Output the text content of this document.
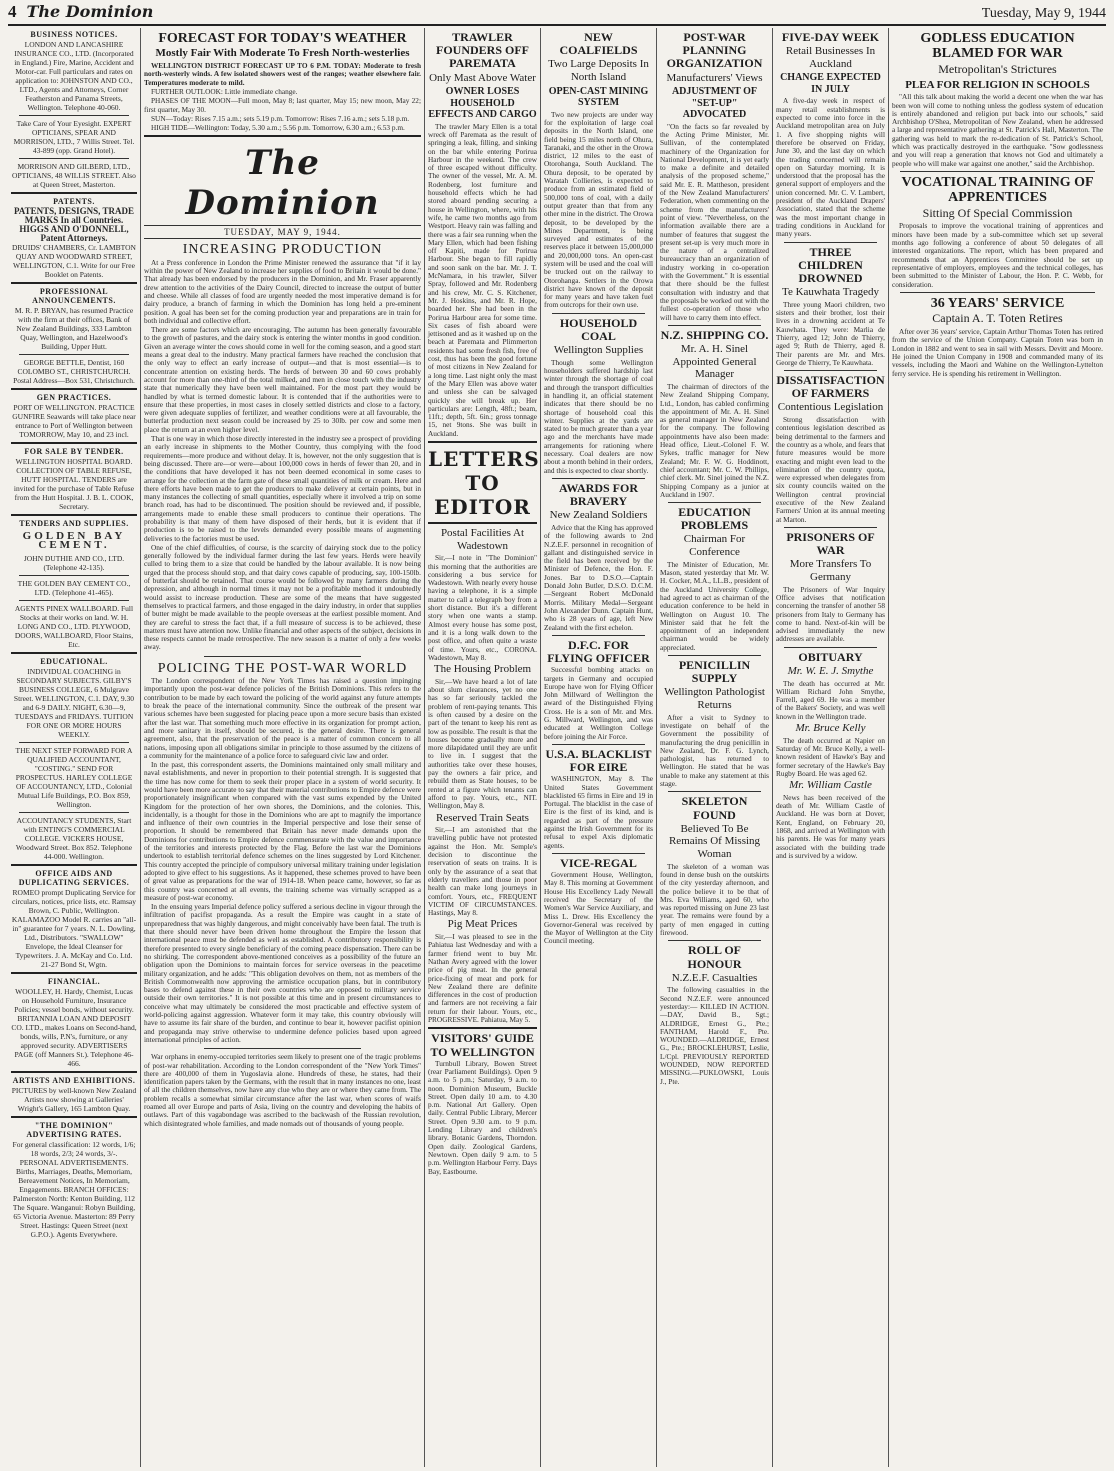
4 The Dominion	Tuesday, May 9, 1944
BUSINESS NOTICES.
LONDON AND LANCASHIRE INSURANCE CO., LTD. (Incorporated in England.) Fire, Marine, Accident and Motor-car. Full particulars and rates on application to: JOHNSTON AND CO., LTD., Agents and Attorneys, Corner Featherston and Panama Streets, Wellington. Telephone 40-060.
Take Care of Your Eyesight. EXPERT OPTICIANS, SPEAR AND MORRISON, LTD., 7 Willis Street. Tel. 43-899 (opp. Grand Hotel).
MORRISON AND GILBERD, LTD., OPTICIANS, 48 WILLIS STREET. Also at Queen Street, Masterton.
PATENTS.
PATENTS, DESIGNS, TRADE MARKS In all Countries. HIGGS AND O'DONNELL, Patent Attorneys.
DRUIDS' CHAMBERS, Cr. LAMBTON QUAY AND WOODWARD STREET, WELLINGTON, C.1. Write for our Free Booklet on Patents.
PROFESSIONAL ANNOUNCEMENTS.
M. R. P. BRYAN, has resumed Practice with the firm at their offices, Bank of New Zealand Buildings, 333 Lambton Quay, Wellington, and Hazelwood's Building, Upper Hutt.
GEORGE BETTLE, Dentist, 160 COLOMBO ST., CHRISTCHURCH. Postal Address—Box 531, Christchurch.
GEN PRACTICES.
PORT OF WELLINGTON. PRACTICE GUNFIRE Seawards will take place near entrance to Port of Wellington between TOMORROW, May 10, and 23 incl.
FOR SALE BY TENDER.
WELLINGTON HOSPITAL BOARD. COLLECTION OF TABLE REFUSE, HUTT HOSPITAL. TENDERS are invited for the purchase of Table Refuse from the Hutt Hospital. J. B. L. COOK, Secretary.
TENDERS AND SUPPLIES.
GOLDEN BAY CEMENT.
JOHN DUTHIE AND CO., LTD. (Telephone 42-135).
THE GOLDEN BAY CEMENT CO., LTD. (Telephone 41-465).
AGENTS PINEX WALLBOARD. Full Stocks at their works on land. W. H. LONG AND CO., LTD. PLYWOOD, DOORS, WALLBOARD, Floor Stains, Etc.
EDUCATIONAL.
INDIVIDUAL COACHING in SECONDARY SUBJECTS. GILBY'S BUSINESS COLLEGE, 6 Mulgrave Street. WELLINGTON, C.1. DAY, 9.30 and 6-9 DAILY. NIGHT, 6.30—9, TUESDAYS and FRIDAYS. TUITION FOR ONE OR MORE HOURS WEEKLY.
THE NEXT STEP FORWARD FOR A QUALIFIED ACCOUNTANT, "COSTING." SEND FOR PROSPECTUS. HARLEY COLLEGE OF ACCOUNTANCY, LTD., Colonial Mutual Life Buildings, P.O. Box 859, Wellington.
ACCOUNTANCY STUDENTS, Start with ENTING'S COMMERCIAL COLLEGE. VICKERS HOUSE, Woodward Street. Box 852. Telephone 44-000. Wellington.
OFFICE AIDS AND DUPLICATING SERVICES.
ROMEO prompt Duplicating Service for circulars, notices, price lists, etc. Ramsay Brown, C. Public, Wellington. KALAMAZOO Model R. carries an "all-in" guarantee for 7 years. N. L. Dowling, Ltd., Distributors. "SWALLOW" Envelope, the Ideal Cleanser for Typewriters. J. A. McKay and Co. Ltd. 21-27 Bond St, Wgtn.
FINANCIAL.
WOOLLEY, H. Hardy, Chemist, Lucas on Household Furniture, Insurance Policies; vessel bonds, without security.
BRITANNIA LOAN AND DEPOSIT CO. LTD., makes Loans on Second-hand, bonds, wills, P.N's, furniture, or any approved security. ADVERTISERS PAGE (off Manners St.). Telephone 46-466.
ARTISTS AND EXHIBITIONS.
PICTURES by well-known New Zealand Artists now showing at Galleries' Wright's Gallery, 165 Lambton Quay.
"THE DOMINION" ADVERTISING RATES.
For general classification: 12 words, 1/6; 18 words, 2/3; 24 words, 3/-. PERSONAL ADVERTISEMENTS. Births, Marriages, Deaths, Memoriam, Bereavement Notices, In Memoriam, Engagements. BRANCH OFFICES: Palmerston North: Kenton Building, 112 The Square. Wanganui: Robyn Building, 65 Victoria Avenue. Masterton: 89 Perry Street. Hastings: Queen Street (next G.P.O.). Agents Everywhere.
FORECAST FOR TODAY'S WEATHER
Mostly Fair With Moderate To Fresh North-westerlies
WELLINGTON DISTRICT FORECAST UP TO 6 P.M. TODAY: Moderate to fresh north-westerly winds. A few isolated showers west of the ranges; weather elsewhere fair. Temperatures moderate to mild.
FURTHER OUTLOOK: Little immediate change.
PHASES OF THE MOON—Full moon, May 8; last quarter, May 15; new moon, May 22; first quarter, May 30.
SUN—Today: Rises 7.15 a.m.; sets 5.19 p.m. Tomorrow: Rises 7.16 a.m.; sets 5.18 p.m.
HIGH TIDE—Wellington: Today, 5.30 a.m.; 5.56 p.m. Tomorrow, 6.30 a.m.; 6.53 p.m.
The Dominion
TUESDAY, MAY 9, 1944.
INCREASING PRODUCTION
At a Press conference in London the Prime Minister renewed the assurance that "if it lay within the power of New Zealand to increase her supplies of food to Britain it would be done." That already has been endorsed by the producers in the Dominion, and Mr. Fraser apparently drew attention to the activities of the Dairy Council, directed to increase the output of butter and cheese. While all classes of food are urgently needed the most imperative demand is for dairy produce, a branch of farming in which the Dominion has long held a pre-eminent position. A goal has been set for the coming production year and preparations are in train for both individual and collective effort.
There are some factors which are encouraging. The autumn has been generally favourable to the growth of pastures, and the dairy stock is entering the winter months in good condition. Given an average winter the cows should come in well for the coming season, and a good start means a great deal to the industry. Many practical farmers have reached the conclusion that the only way to effect an early increase of output—and that is most essential—is to concentrate attention on existing herds. The herds of between 30 and 60 cows probably account for more than one-third of the total milked, and men in close touch with the industry state that numerically they have been well maintained. For the most part they would be handled by what is termed domestic labour. It is contended that if the authorities were to ensure that these properties, in most cases in closely settled districts and close to a factory, were given adequate supplies of fertilizer, and weather conditions were at all favourable, the butterfat production next season could be increased by 25 to 30lb. per cow and some men place the return at an even higher level.
That is one way in which those directly interested in the industry see a prospect of providing an early increase in shipments to the Mother Country, thus complying with the food requirements—more produce and without delay. It is, however, not the only suggestion that is being discussed. There are—or were—about 100,000 cows in herds of fewer than 20, and in the conditions that have developed it has not been deemed economical in some cases to arrange for the collection at the farm gate of these small quantities of milk or cream. Here and there efforts have been made to get the producers to make delivery at certain points, but in many instances the collecting of small quantities, especially where it involved a trip on some branch road, has had to be discontinued. The position should be reviewed and, if possible, arrangements made to enable these small producers to continue their operations. The probability is that many of them have disposed of their herds, but it is evident that if production is to be raised to the levels demanded every possible means of augmenting deliveries to the factories must be used.
One of the chief difficulties, of course, is the scarcity of dairying stock due to the policy generally followed by the individual farmer during the last few years. Herds were heavily culled to bring them to a size that could be handled by the labour available. It is now being urged that the process should stop, and that dairy cows capable of producing, say, 100-150lb. of butterfat should be retained. That course would be followed by many farmers during the depression, and although in normal times it may not be a profitable method it undoubtedly would assist to increase production. These are some of the means that have suggested themselves to practical farmers, and those engaged in the dairy industry, in order that supplies of butter might be made available to the people overseas at the earliest possible moment. And they are careful to stress the fact that, if a full measure of success is to be achieved, these matters must have attention now. Unlike financial and other aspects of the subject, decisions in these respects cannot be made retrospective. The new season is a matter of only a few weeks away.
POLICING THE POST-WAR WORLD
The London correspondent of the New York Times has raised a question impinging importantly upon the post-war defence policies of the British Dominions. This refers to the contribution to be made by each toward the policing of the world against any future attempts to break the peace of the international community. Since the outbreak of the present war various schemes have been suggested for placing peace upon a more secure basis than existed after the last war. That something much more effective in its organization for prompt action, and more sanitary in itself, should be secured, is the general desire. There is general agreement, also, that the preservation of the peace is a matter of common concern to all nations, imposing upon all obligations similar in principle to those assumed by the citizens of a community for the maintenance of a police force to safeguard civic law and order.
In the past, this correspondent asserts, the Dominions maintained only small military and naval establishments, and never in proportion to their potential strength. It is suggested that the time has now come for them to seek their proper place in a system of world security. It would have been more accurate to say that their material contributions to Empire defence were proportionately insignificant when compared with the vast sums expended by the United Kingdom for the protection of her own shores, the Dominions, and the colonies. This, incidentally, is a thought for those in the Dominions who are apt to magnify the importance and influence of their own countries in the Imperial perspective and lose their sense of proportion. It should be remembered that Britain has never made demands upon the Dominions for contributions to Empire defence commensurate with the value and importance of the territories and interests protected by the Flag. Before the last war the Dominions undertook to establish territorial defence schemes on the lines suggested by Lord Kitchener. This country accepted the principle of compulsory universal military training under legislation adopted to give effect to his suggestions. As it happened, these schemes proved to have been of great value as preparations for the war of 1914-18. When peace came, however, so far as this country was concerned at all events, the training scheme was virtually scrapped as a measure of post-war economy.
In the ensuing years Imperial defence policy suffered a serious decline in vigour through the infiltration of pacifist propaganda. As a result the Empire was caught in a state of unpreparedness that was highly dangerous, and might conceivably have been fatal. The truth is that there should never have been driven home throughout the Empire the lesson that international peace must be defended as well as established. A contributory responsibility is therefore presented to every single beneficiary of the coming peace dispensation. There can be no shirking. The correspondent above-mentioned conceives as a possibility of the future an obligation upon the Dominions to maintain forces for service overseas in the peacetime military organization, and he adds: "This obligation devolves on them, not as members of the British Commonwealth now approving the armistice occupation plans, but in contributory bases to defend against these in their own countries who are opposed to military service outside their own territories." It is not possible at this time and in present circumstances to conceive what may ultimately be considered the most practicable and effective system of world-policing against aggression. Whatever form it may take, this country obviously will have to assume its fair share of the burden, and continue to bear it, however pacifist opinion and propaganda may strive otherwise to undermine defence policies based upon agreed international principles of action.
War orphans in enemy-occupied territories seem likely to present one of the tragic problems of post-war rehabilitation. According to the London correspondent of the "New York Times" there are 400,000 of them in Yugoslavia alone. Hundreds of these, he states, had their identification papers taken by the Germans, with the result that in many instances no one, least of all the children themselves, now have any clue who they are or where they came from. The problem recalls a somewhat similar circumstance after the last war, when scores of waifs roamed all over Europe and parts of Asia, living on the country and developing the habits of outlaws. Part of this vagabondage was ascribed to the backwash of the Russian revolution, which disintegrated whole families, and made nomads out of thousands of young people.
TRAWLER FOUNDERS OFF PAREMATA
Only Mast Above Water
OWNER LOSES HOUSEHOLD EFFECTS AND CARGO
The trawler Mary Ellen is a total wreck off Paremata as the result of springing a leak, filling, and sinking on the bar while entering Porirua Harbour in the weekend. The crew of three escaped without difficulty. The owner of the vessel, Mr. A. M. Rodenberg, lost furniture and household effects which he had stored aboard pending securing a house in Wellington, where, with his wife, he came two months ago from Westport. Heavy rain was falling and there was a fair sea running when the Mary Ellen, which had been fishing off Kapiti, made for Porirua Harbour. She began to fill rapidly and soon sank on the bar. Mr. J. T. McNamara, in his trawler, Silver Spray, followed and Mr. Rodenberg and his crew, Mr. C. S. Kitchener, Mr. J. Hoskins, and Mr. R. Hope, boarded her. She had been in the Porirua Harbour area for some time. Six cases of fish aboard were jettisoned and as it washed up on the beach at Paremata and Plimmerton residents had some fresh fish, free of cost, thus has been the good fortune of most citizens in New Zealand for a long time. Last night only the mast of the Mary Ellen was above water and unless she can be salvaged quickly she will break up. Her particulars are: Length, 48ft.; beam, 11ft.; depth, 5ft. 6in.; gross tonnage 15, net 9tons. She was built in Auckland.
LETTERS TO EDITOR
Postal Facilities At Wadestown
Sir,—I note in "The Dominion" this morning that the authorities are considering a bus service for Wadestown. With nearly every house having a telephone, it is a simple matter to call a telegraph boy from a short distance. But it's a different story when one wants a stamp. Almost every house has some post, and it is a long walk down to the post office, and often quite a waste of time. Yours, etc., CORONA. Wadestown, May 8.
The Housing Problem
Sir,—We have heard a lot of late about slum clearances, yet no one has so far seriously tackled the problem of rent-paying tenants. This is often caused by a desire on the part of the tenant to keep his rent as low as possible. The result is that the houses become gradually more and more dilapidated until they are unfit to live in. I suggest that the authorities take over these houses, pay the owners a fair price, and rebuild them as State houses, to be rented at a figure which tenants can afford to pay. Yours, etc., NIT. Wellington, May 8.
Reserved Train Seats
Sir,—I am astonished that the travelling public have not protested against the Hon. Mr. Semple's decision to discontinue the reservation of seats on trains. It is only by the assurance of a seat that elderly travellers and those in poor health can make long journeys in comfort. Yours, etc., FREQUENT VICTIM OF CIRCUMSTANCES. Hastings, May 8.
Pig Meat Prices
Sir,—I was pleased to see in the Pahiatua last Wednesday and with a farmer friend went to buy Mr. Nathan Avery agreed with the lower price of pig meat. In the general price-fixing of meat and pork for New Zealand there are definite differences in the cost of production and farmers are not receiving a fair return for their labour. Yours, etc., PROGRESSIVE. Pahiatua, May 5.
VISITORS' GUIDE TO WELLINGTON
Turnbull Library, Bowen Street (rear Parliament Buildings). Open 9 a.m. to 5 p.m.; Saturday, 9 a.m. to noon. Dominion Museum, Buckle Street. Open daily 10 a.m. to 4.30 p.m. National Art Gallery. Open daily. Central Public Library, Mercer Street. Open 9.30 a.m. to 9 p.m. Lending Library and children's library. Botanic Gardens, Thorndon. Open daily. Zoological Gardens, Newtown. Open daily 9 a.m. to 5 p.m. Wellington Harbour Ferry. Days Bay, Eastbourne.
NEW COALFIELDS
Two Large Deposits In North Island
OPEN-CAST MINING SYSTEM
Two new projects are under way for the exploitation of large coal deposits in the North Island, one field being 15 miles north of Ohura, Taranaki, and the other in the Orowa district, 12 miles to the east of Otorohanga, South Auckland. The Ohura deposit, to be operated by Waratah Collieries, is expected to produce from an estimated field of 500,000 tons of coal, with a daily output greater than that from any other mine in the district. The Orowa deposit, to be developed by the Mines Department, is being surveyed and estimates of the reserves place it between 15,000,000 and 20,000,000 tons. An open-cast system will be used and the coal will be trucked out on the railway to Otorohanga. Settlers in the Orowa district have known of the deposit for many years and have taken fuel from outcrops for their own use.
HOUSEHOLD COAL
Wellington Supplies
Though some Wellington householders suffered hardship last winter through the shortage of coal and through the transport difficulties in handling it, an official statement indicates that there should be no shortage of household coal this winter. Supplies at the yards are stated to be much greater than a year ago and the merchants have made arrangements for rationing where necessary. Coal dealers are now about a month behind in their orders, and this is expected to clear shortly.
AWARDS FOR BRAVERY
New Zealand Soldiers
Advice that the King has approved of the following awards to 2nd N.Z.E.F. personnel in recognition of gallant and distinguished service in the field has been received by the Minister of Defence, the Hon. F. Jones. Bar to D.S.O.—Captain Donald John Butler, D.S.O. D.C.M.—Sergeant Robert McDonald Morris. Military Medal—Sergeant John Alexander Dunn. Captain Hunt, who is 28 years of age, left New Zealand with the first echelon.
D.F.C. FOR FLYING OFFICER
Successful bombing attacks on targets in Germany and occupied Europe have won for Flying Officer John Millward of Wellington the award of the Distinguished Flying Cross. He is a son of Mr. and Mrs. G. Millward, Wellington, and was educated at Wellington College before joining the Air Force.
U.S.A. BLACKLIST FOR EIRE
WASHINGTON, May 8. The United States Government blacklisted 65 firms in Eire and 19 in Portugal. The blacklist in the case of Eire is the first of its kind, and is regarded as part of the pressure against the Irish Government for its refusal to expel Axis diplomatic agents.
VICE-REGAL
Government House, Wellington, May 8. This morning at Government House His Excellency Lady Newall received the Secretary of the Women's War Service Auxiliary, and Miss L. Drew. His Excellency the Governor-General was received by the Mayor of Wellington at the City Council meeting.
POST-WAR PLANNING ORGANIZATION
Manufacturers' Views
ADJUSTMENT OF "SET-UP" ADVOCATED
"On the facts so far revealed by the Acting Prime Minister, Mr. Sullivan, of the contemplated machinery of the Organization for National Development, it is yet early to make a definite and detailed analysis of the proposed scheme," said Mr. E. R. Mattheson, president of the New Zealand Manufacturers' Federation, when commenting on the scheme from the manufacturers' point of view. "Nevertheless, on the information available there are a number of features that suggest the present set-up is very much more in the nature of a centralized bureaucracy than an organization of industry working in co-operation with the Government." It is essential that there should be the fullest consultation with industry and that the proposals be worked out with the fullest co-operation of those who will have to carry them into effect.
N.Z. SHIPPING CO.
Mr. A. H. Sinel Appointed General Manager
The chairman of directors of the New Zealand Shipping Company, Ltd., London, has cabled confirming the appointment of Mr. A. H. Sinel as general manager in New Zealand for the company. The following appointments have also been made: Head office, Lieut.-Colonel F. W. Sykes, traffic manager for New Zealand; Mr. F. W. G. Hoddinott, chief accountant; Mr. C. W. Phillips, chief clerk. Mr. Sinel joined the N.Z. Shipping Company as a junior at Auckland in 1907.
EDUCATION PROBLEMS
Chairman For Conference
The Minister of Education, Mr. Mason, stated yesterday that Mr. W. H. Cocker, M.A., LL.B., president of the Auckland University College, had agreed to act as chairman of the education conference to be held in Wellington on August 10. The Minister said that he felt the appointment of an independent chairman would be widely appreciated.
PENICILLIN SUPPLY
Wellington Pathologist Returns
After a visit to Sydney to investigate on behalf of the Government the possibility of manufacturing the drug penicillin in New Zealand, Dr. F. G. Lynch, pathologist, has returned to Wellington. He stated that he was unable to make any statement at this stage.
SKELETON FOUND
Believed To Be Remains Of Missing Woman
The skeleton of a woman was found in dense bush on the outskirts of the city yesterday afternoon, and the police believe it to be that of Mrs. Eva Williams, aged 60, who was reported missing on June 23 last year. The remains were found by a party of men engaged in cutting firewood.
ROLL OF HONOUR
N.Z.E.F. Casualties
The following casualties in the Second N.Z.E.F. were announced yesterday:— KILLED IN ACTION.—DAY, David B., Sgt.; ALDRIDGE, Ernest G., Pte.; FANTHAM, Harold F., Pte. WOUNDED.—ALDRIDGE, Ernest G., Pte.; BROCKLEHURST, Leslie, L/Cpl. PREVIOUSLY REPORTED WOUNDED, NOW REPORTED MISSING.—PUKLOWSKI, Louis J., Pte.
FIVE-DAY WEEK
Retail Businesses In Auckland
CHANGE EXPECTED IN JULY
A five-day week in respect of many retail establishments is expected to come into force in the Auckland metropolitan area on July 1. A five shopping nights will therefore be observed on Friday, June 30, and the last day on which the trading concerned will remain open on Saturday morning. It is understood that the proposal has the general support of employers and the union concerned. Mr. C. V. Lambert, president of the Auckland Drapers' Association, stated that the scheme was the most important change in trading conditions in Auckland for many years.
THREE CHILDREN DROWNED
Te Kauwhata Tragedy
Three young Maori children, two sisters and their brother, lost their lives in a drowning accident at Te Kauwhata. They were: Marlia de Thierry, aged 12; John de Thierry, aged 9; Ruth de Thierry, aged 8. Their parents are Mr. and Mrs. George de Thierry, Te Kauwhata.
DISSATISFACTION OF FARMERS
Contentious Legislation
Strong dissatisfaction with contentious legislation described as being detrimental to the farmers and the country as a whole, and fears that future measures would be more exacting and might even lead to the elimination of the country quota, were expressed when delegates from six county councils waited on the Wellington central provincial executive of the New Zealand Farmers' Union at its annual meeting at Marton.
PRISONERS OF WAR
More Transfers To Germany
The Prisoners of War Inquiry Office advises that notification concerning the transfer of another 58 prisoners from Italy to Germany has come to hand. Next-of-kin will be advised immediately the new addresses are available.
OBITUARY
Mr. W. E. J. Smythe
The death has occurred at Mr. William Richard John Smythe, Farrell, aged 69. He was a member of the Bakers' Society, and was well known in the Wellington trade.
Mr. Bruce Kelly
The death occurred at Napier on Saturday of Mr. Bruce Kelly, a well-known resident of Hawke's Bay and former secretary of the Hawke's Bay Rugby Board. He was aged 62.
Mr. William Castle
News has been received of the death of Mr. William Castle of Auckland. He was born at Dover, Kent, England, on February 20, 1868, and arrived at Wellington with his parents. He was for many years associated with the building trade and is survived by a widow.
GODLESS EDUCATION BLAMED FOR WAR
Metropolitan's Strictures
PLEA FOR RELIGION IN SCHOOLS
"All this talk about making the world a decent one when the war has been won will come to nothing unless the godless system of education is entirely abandoned and religion put back into our schools," said Archbishop O'Shea, Metropolitan of New Zealand, when he addressed a large and representative gathering at St. Patrick's Hall, Masterton. The gathering was held to mark the re-dedication of St. Patrick's School, which was practically destroyed in the earthquake. "Sow godlessness and you will reap a generation that knows not God and ultimately a people who will make war against one another," said the Archbishop.
VOCATIONAL TRAINING OF APPRENTICES
Sitting Of Special Commission
Proposals to improve the vocational training of apprentices and minors have been made by a sub-committee which set up several months ago following a conference of about 50 delegates of all interested organizations. The report, which has been prepared and recommends that an Apprentices Committee should be set up representative of employers, employees and the technical colleges, has been submitted to the Minister of Labour, the Hon. P. C. Webb, for consideration.
36 YEARS' SERVICE
Captain A. T. Toten Retires
After over 36 years' service, Captain Arthur Thomas Toten has retired from the service of the Union Company. Captain Toten was born in London in 1882 and went to sea in sail with Messrs. Devitt and Moore. He joined the Union Company in 1908 and commanded many of its vessels, including the Maori and Wahine on the Wellington-Lyttelton ferry service. He is spending his retirement in Wellington.
